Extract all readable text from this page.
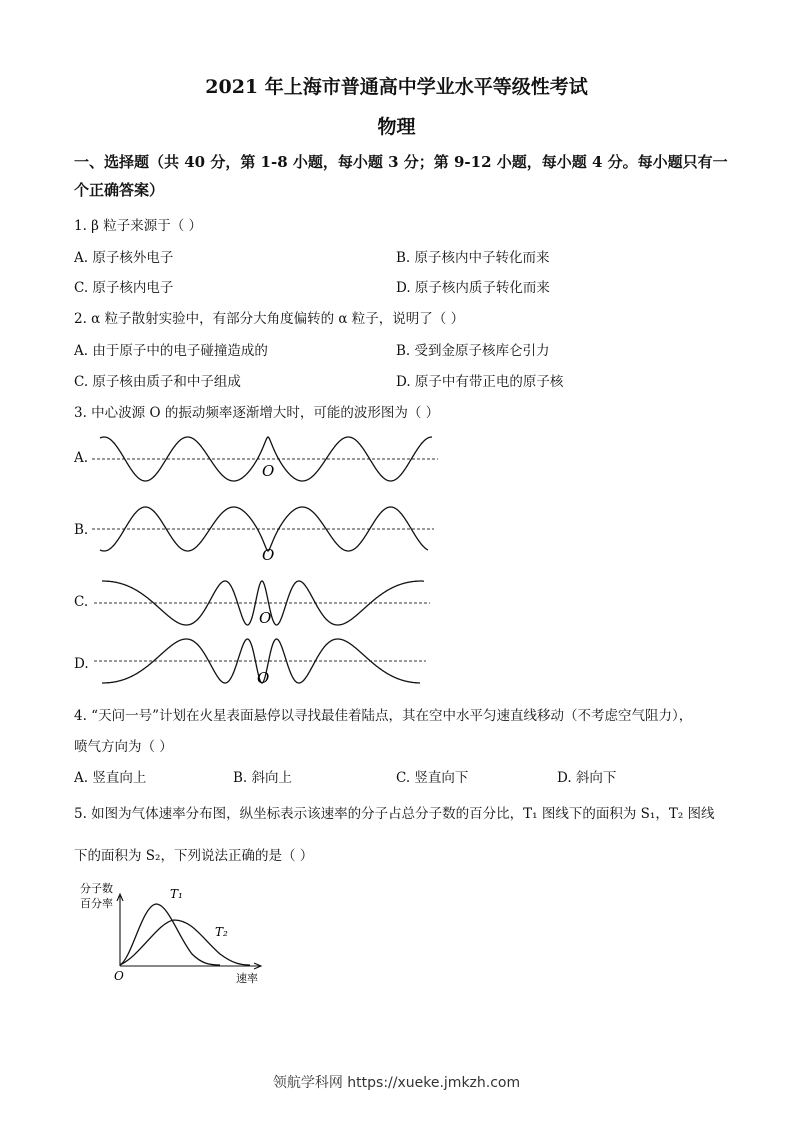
2021 年上海市普通高中学业水平等级性考试
物理
一、选择题（共 40 分，第 1-8 小题，每小题 3 分；第 9-12 小题，每小题 4 分。每小题只有一个正确答案）
1. β 粒子来源于（ ）
A. 原子核外电子	B. 原子核内中子转化而来
C. 原子核内电子	D. 原子核内质子转化而来
2. α 粒子散射实验中，有部分大角度偏转的 α 粒子，说明了（ ）
A. 由于原子中的电子碰撞造成的	B. 受到金原子核库仑引力
C. 原子核由质子和中子组成	D. 原子中有带正电的原子核
3. 中心波源 O 的振动频率逐渐增大时，可能的波形图为（ ）
A.
B.
C.
D.
O
O
O
O
4. “天问一号”计划在火星表面悬停以寻找最佳着陆点，其在空中水平匀速直线移动（不考虑空气阻力），
喷气方向为（ ）
A. 竖直向上	B. 斜向上	C. 竖直向下	D. 斜向下
5. 如图为气体速率分布图，纵坐标表示该速率的分子占总分子数的百分比，T₁ 图线下的面积为 S₁，T₂ 图线
下的面积为 S₂，下列说法正确的是（ ）
分子数
百分率
T₁
T₂
O	速率
领航学科网 https://xueke.jmkzh.com
